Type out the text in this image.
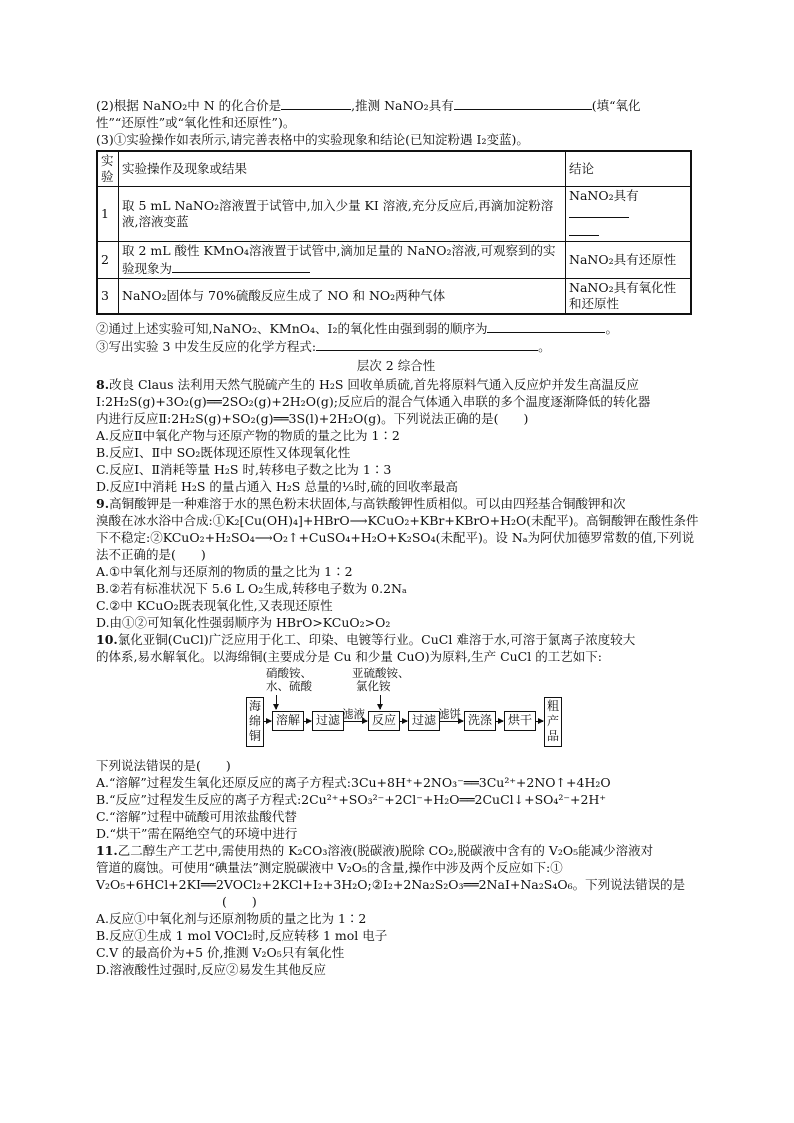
(2)根据 NaNO₂中 N 的化合价是	,推测 NaNO₂具有	(填“氧化
性”“还原性”或“氧化性和还原性”)。
(3)①实验操作如表所示,请完善表格中的实验现象和结论(已知淀粉遇 I₂变蓝)。
实验	实验操作及现象或结果	结论
1	取 5 mL NaNO₂溶液置于试管中,加入少量 KI 溶液,充分反应后,再滴加淀粉溶液,溶液变蓝	NaNO₂具有

2	取 2 mL 酸性 KMnO₄溶液置于试管中,滴加足量的 NaNO₂溶液,可观察到的实验现象为	NaNO₂具有还原性
3	NaNO₂固体与 70%硫酸反应生成了 NO 和 NO₂两种气体	NaNO₂具有氧化性和还原性
②通过上述实验可知,NaNO₂、KMnO₄、I₂的氧化性由强到弱的顺序为	。
③写出实验 3 中发生反应的化学方程式:	。
层次 2 综合性
8.改良 Claus 法利用天然气脱硫产生的 H₂S 回收单质硫,首先将原料气通入反应炉并发生高温反应
Ⅰ:2H₂S(g)+3O₂(g)══2SO₂(g)+2H₂O(g);反应后的混合气体通入串联的多个温度逐渐降低的转化器
内进行反应Ⅱ:2H₂S(g)+SO₂(g)══3S(l)+2H₂O(g)。下列说法正确的是(　　)
A.反应Ⅱ中氧化产物与还原产物的物质的量之比为 1∶2
B.反应Ⅰ、Ⅱ中 SO₂既体现还原性又体现氧化性
C.反应Ⅰ、Ⅱ消耗等量 H₂S 时,转移电子数之比为 1∶3
D.反应Ⅰ中消耗 H₂S 的量占通入 H₂S 总量的⅓时,硫的回收率最高
9.高铜酸钾是一种难溶于水的黑色粉末状固体,与高铁酸钾性质相似。可以由四羟基合铜酸钾和次
溴酸在冰水浴中合成:①K₂[Cu(OH)₄]+HBrO⟶KCuO₂+KBr+KBrO+H₂O(未配平)。高铜酸钾在酸性条件
下不稳定:②KCuO₂+H₂SO₄⟶O₂↑+CuSO₄+H₂O+K₂SO₄(未配平)。设 Nₐ为阿伏加德罗常数的值,下列说
法不正确的是(　　)
A.①中氧化剂与还原剂的物质的量之比为 1∶2
B.②若有标准状况下 5.6 L O₂生成,转移电子数为 0.2Nₐ
C.②中 KCuO₂既表现氧化性,又表现还原性
D.由①②可知氧化性强弱顺序为 HBrO>KCuO₂>O₂
10.氯化亚铜(CuCl)广泛应用于化工、印染、电镀等行业。CuCl 难溶于水,可溶于氯离子浓度较大
的体系,易水解氧化。以海绵铜(主要成分是 Cu 和少量 CuO)为原料,生产 CuCl 的工艺如下:
硝酸铵、
水、硫酸
亚硫酸铵、
氯化铵
海绵铜
溶解	过滤 滤液 反应	过滤 滤饼 洗涤	烘干
粗产品
下列说法错误的是(　　)
A.“溶解”过程发生氧化还原反应的离子方程式:3Cu+8H⁺+2NO₃⁻══3Cu²⁺+2NO↑+4H₂O
B.“反应”过程发生反应的离子方程式:2Cu²⁺+SO₃²⁻+2Cl⁻+H₂O══2CuCl↓+SO₄²⁻+2H⁺
C.“溶解”过程中硫酸可用浓盐酸代替
D.“烘干”需在隔绝空气的环境中进行
11.乙二醇生产工艺中,需使用热的 K₂CO₃溶液(脱碳液)脱除 CO₂,脱碳液中含有的 V₂O₅能减少溶液对
管道的腐蚀。可使用“碘量法”测定脱碳液中 V₂O₅的含量,操作中涉及两个反应如下:①
V₂O₅+6HCl+2KI══2VOCl₂+2KCl+I₂+3H₂O;②I₂+2Na₂S₂O₃══2NaI+Na₂S₄O₆。下列说法错误的是
(　　)
A.反应①中氧化剂与还原剂物质的量之比为 1∶2
B.反应①生成 1 mol VOCl₂时,反应转移 1 mol 电子
C.V 的最高价为+5 价,推测 V₂O₅只有氧化性
D.溶液酸性过强时,反应②易发生其他反应
